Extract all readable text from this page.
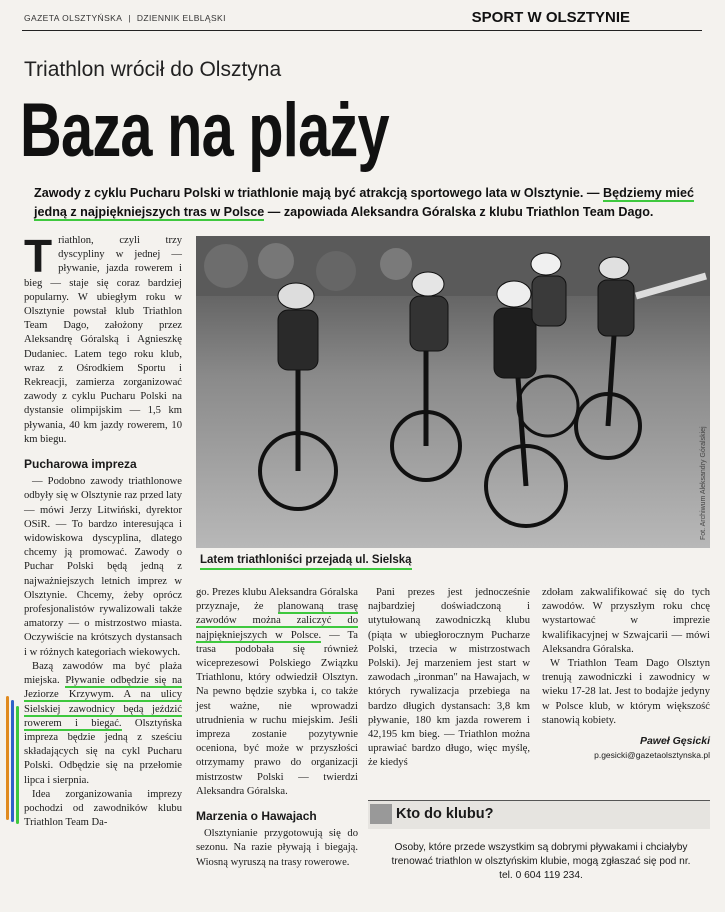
GAZETA OLSZTYŃSKA | DZIENNIK ELBLĄSKI	SPORT W OLSZTYNIE
Triathlon wrócił do Olsztyna
Baza na plaży
Zawody z cyklu Pucharu Polski w triathlonie mają być atrakcją sportowego lata w Olsztynie. — Będziemy mieć jedną z najpiękniejszych tras w Polsce — zapowiada Aleksandra Góralska z klubu Triathlon Team Dago.
T riathlon, czyli trzy dyscypliny w jednej — pływanie, jazda rowerem i bieg — staje się coraz bardziej popularny. W ubiegłym roku w Olsztynie powstał klub Triathlon Team Dago, założony przez Aleksandrę Góralską i Agnieszkę Dudaniec. Latem tego roku klub, wraz z Ośrodkiem Sportu i Rekreacji, zamierza zorganizować zawody z cyklu Pucharu Polski na dystansie olimpijskim — 1,5 km pływania, 40 km jazdy rowerem, 10 km biegu.

Pucharowa impreza

— Podobno zawody triathlonowe odbyły się w Olsztynie raz przed laty — mówi Jerzy Litwiński, dyrektor OSiR. — To bardzo interesująca i widowiskowa dyscyplina, dlatego chcemy ją promować. Zawody o Puchar Polski będą jedną z najważniejszych letnich imprez w Olsztynie. Chcemy, żeby oprócz profesjonalistów rywalizowali także amatorzy — o mistrzostwo miasta. Oczywiście na krótszych dystansach i w różnych kategoriach wiekowych.

Bazą zawodów ma być plaża miejska. Pływanie odbędzie się na Jeziorze Krzywym. A na ulicy Sielskiej zawodnicy będą jeździć rowerem i biegać. Olsztyńska impreza będzie jedną z sześciu składających się na cykl Pucharu Polski. Odbędzie się na przełomie lipca i sierpnia.

Idea zorganizowania imprezy pochodzi od zawodników klubu Triathlon Team Da-

Fot. Archiwum Aleksandry Góralskiej
Latem triathloniści przejadą ul. Sielską

go. Prezes klubu Aleksandra Góralska przyznaje, że planowaną trasę zawodów można zaliczyć do najpiękniejszych w Polsce. — Ta trasa podobała się również wiceprezesowi Polskiego Związku Triathlonu, który odwiedził Olsztyn. Na pewno będzie szybka i, co także jest ważne, nie wprowadzi utrudnienia w ruchu miejskim. Jeśli impreza zostanie pozytywnie oceniona, być może w przyszłości otrzymamy prawo do organizacji mistrzostw Polski — twierdzi Aleksandra Góralska.

Marzenia o Hawajach

Olsztynianie przygotowują się do sezonu. Na razie pływają i biegają. Wiosną wyruszą na trasy rowerowe.

Pani prezes jest jednocześnie najbardziej doświadczoną i utytułowaną zawodniczką klubu (piąta w ubiegłorocznym Pucharze Polski, trzecia w mistrzostwach Polski). Jej marzeniem jest start w zawodach „ironman" na Hawajach, w których rywalizacja przebiega na bardzo długich dystansach: 3,8 km pływanie, 180 km jazda rowerem i 42,195 km bieg. — Triathlon można uprawiać bardzo długo, więc myślę, że kiedyś

zdołam zakwalifikować się do tych zawodów. W przyszłym roku chcę wystartować w imprezie kwalifikacyjnej w Szwajcarii — mówi Aleksandra Góralska.

W Triathlon Team Dago Olsztyn trenują zawodniczki i zawodnicy w wieku 17-28 lat. Jest to bodajże jedyny w Polsce klub, w którym większość stanowią kobiety.

Paweł Gęsicki
p.gesicki@gazetaolsztynska.pl
Kto do klubu?
Osoby, które przede wszystkim są dobrymi pływakami i chciałyby trenować triathlon w olsztyńskim klubie, mogą zgłaszać się pod nr. tel. 0 604 119 234.
